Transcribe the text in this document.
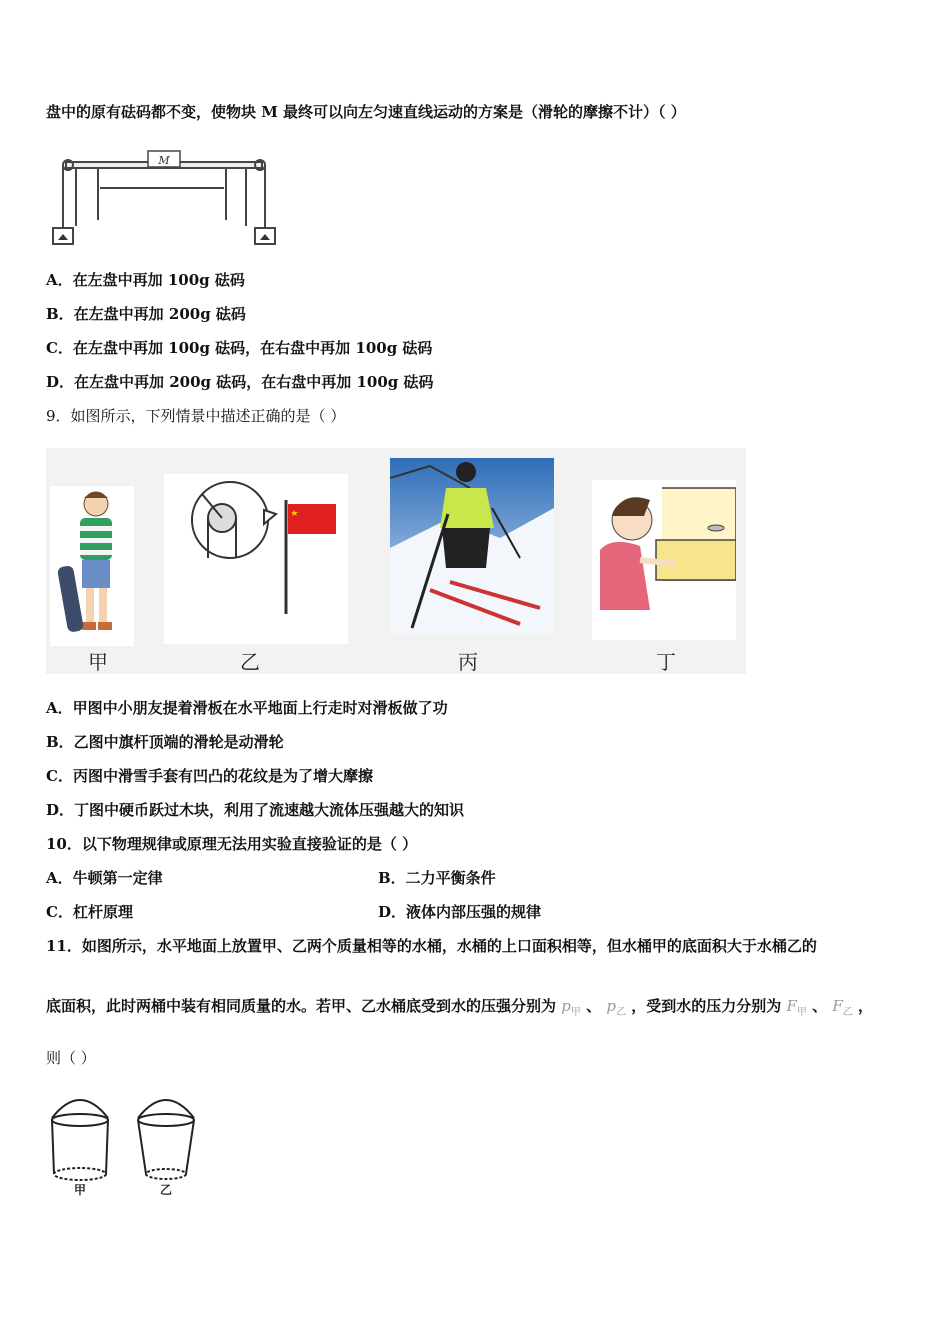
盘中的原有砝码都不变，使物块 M 最终可以向左匀速直线运动的方案是（滑轮的摩擦不计）（ ）
M
A．在左盘中再加 100g 砝码
B．在左盘中再加 200g 砝码
C．在左盘中再加 100g 砝码，在右盘中再加 100g 砝码
D．在左盘中再加 200g 砝码，在右盘中再加 100g 砝码
9．如图所示，下列情景中描述正确的是（ ）
甲	乙	丙	丁
A．甲图中小朋友提着滑板在水平地面上行走时对滑板做了功
B．乙图中旗杆顶端的滑轮是动滑轮
C．丙图中滑雪手套有凹凸的花纹是为了增大摩擦
D．丁图中硬币跃过木块，利用了流速越大流体压强越大的知识
10．以下物理规律或原理无法用实验直接验证的是（ ）
A．牛顿第一定律	B．二力平衡条件
C．杠杆原理	D．液体内部压强的规律
11．如图所示，水平地面上放置甲、乙两个质量相等的水桶，水桶的上口面积相等，但水桶甲的底面积大于水桶乙的
底面积，此时两桶中装有相同质量的水。若甲、乙水桶底受到水的压强分别为 $p_甲$ 、 $p_乙$ ，受到水的压力分别为 $F_甲$ 、 $F_乙$ ，
则（ ）
甲	乙
